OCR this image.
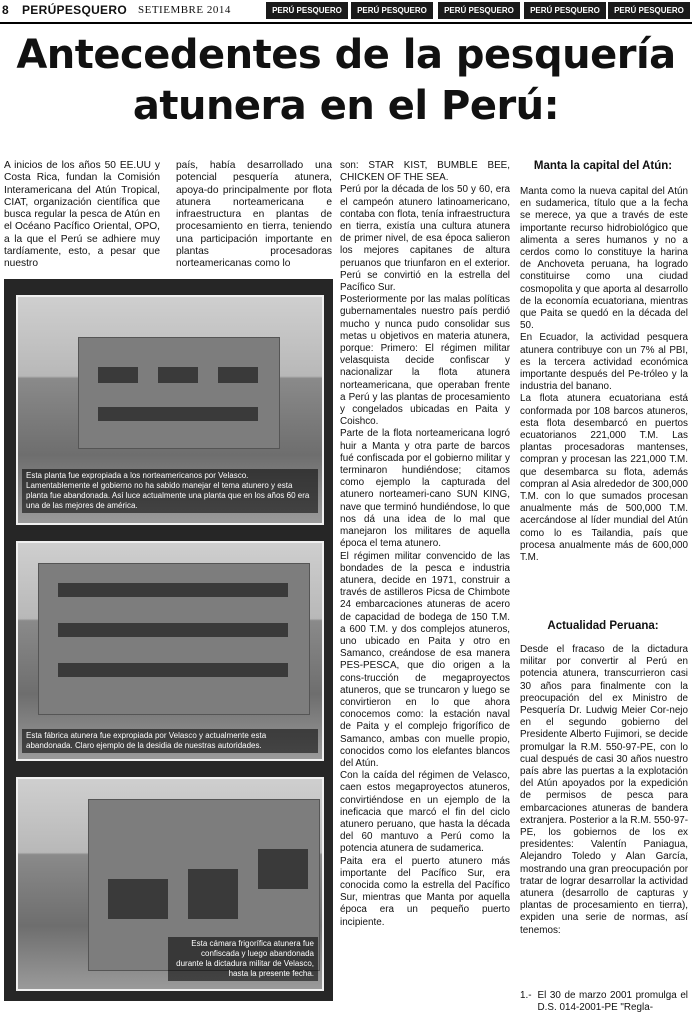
8 PERÚPESQUERO SETIEMBRE 2014	PERÚ PESQUERO	PERÚ PESQUERO	PERÚ PESQUERO	PERÚ PESQUERO	PERÚ PESQUERO
Antecedentes de la pesquería
atunera en el Perú:

A inicios de los años 50 EE.UU y Costa Rica, fundan la Comisión Interamericana del Atún Tropical, CIAT, organización científica que busca regular la pesca de Atún en el Océano Pacífico Oriental, OPO, a la que el Perú se adhiere muy tardíamente, esto, a pesar que nuestro

país, había desarrollado una potencial pesquería atunera, apoya-do principalmente por flota atunera norteamericana e infraestructura en plantas de procesamiento en tierra, teniendo una participación importante en plantas procesadoras norteamericanas como lo

son: STAR KIST, BUMBLE BEE, CHICKEN OF THE SEA.

Perú por la década de los 50 y 60, era el campeón atunero latinoamericano, contaba con flota, tenía infraestructura en tierra, existía una cultura atunera de primer nivel, de esa época salieron los mejores capitanes de altura peruanos que triunfaron en el exterior. Perú se convirtió en la estrella del Pacífico Sur.

Posteriormente por las malas políticas gubernamentales nuestro país perdió mucho y nunca pudo consolidar sus metas u objetivos en materia atunera, porque: Primero: El régimen militar velasquista decide confiscar y nacionalizar la flota atunera norteamericana, que operaban frente a Perú y las plantas de procesamiento y congelados ubicadas en Paita y Coishco.

Parte de la flota norteamericana logró huir a Manta y otra parte de barcos fué confiscada por el gobierno militar y terminaron hundiéndose; citamos como ejemplo la capturada del atunero norteameri-cano SUN KING, nave que terminó hundiéndose, lo que nos dá una idea de lo mal que manejaron los militares de aquella época el tema atunero.

El régimen militar convencido de las bondades de la pesca e industria atunera, decide en 1971, construir a través de astilleros Picsa de Chimbote 24 embarcaciones atuneras de acero de capacidad de bodega de 150 T.M. a 600 T.M. y dos complejos atuneros, uno ubicado en Paita y otro en Samanco, creándose de esa manera PES-PESCA, que dio origen a la cons-trucción de megaproyectos atuneros, que se truncaron y luego se convirtieron en lo que ahora conocemos como: la estación naval de Paita y el complejo frigorífico de Samanco, ambas con muelle propio, conocidos como los elefantes blancos del Atún.

Con la caída del régimen de Velasco, caen estos megaproyectos atuneros, convirtiéndose en un ejemplo de la ineficacia que marcó el fin del ciclo atunero peruano, que hasta la década del 60 mantuvo a Perú como la potencia atunera de sudamerica.

Paita era el puerto atunero más importante del Pacífico Sur, era conocida como la estrella del Pacífico Sur, mientras que Manta por aquella época era un pequeño puerto incipiente.

Manta la capital del Atún:

Manta como la nueva capital del Atún en sudamerica, título que a la fecha se merece, ya que a través de este importante recurso hidrobiológico que alimenta a seres humanos y no a cerdos como lo constituye la harina de Anchoveta peruana, ha logrado constituirse como una ciudad cosmopolita y que aporta al desarrollo de la economía ecuatoriana, mientras que Paita se quedó en la década del 50.

En Ecuador, la actividad pesquera atunera contribuye con un 7% al PBI, es la tercera actividad económica importante después del Pe-tróleo y la industria del banano.

La flota atunera ecuatoriana está conformada por 108 barcos atuneros, esta flota desembarcó en puertos ecuatorianos 221,000 T.M. Las plantas procesadoras mantenses, compran y procesan las 221,000 T.M. que desembarca su flota, además compran al Asia alrededor de 300,000 T.M. con lo que sumados procesan anualmente más de 500,000 T.M. acercándose al líder mundial del Atún como lo es Tailandia, país que procesa anualmente más de 600,000 T.M.

Actualidad Peruana:

Desde el fracaso de la dictadura militar por convertir al Perú en potencia atunera, transcurrieron casi 30 años para finalmente con la preocupación del ex Ministro de Pesquería Dr. Ludwig Meier Cor-nejo en el segundo gobierno del Presidente Alberto Fujimori, se decide promulgar la R.M. 550-97-PE, con lo cual después de casi 30 años nuestro país abre las puertas a la explotación del Atún apoyados por la expedición de permisos de pesca para embarcaciones atuneras de bandera extranjera. Posterior a la R.M. 550-97-PE, los gobiernos de los ex presidentes: Valentín Paniagua, Alejandro Toledo y Alan García, mostrando una gran preocupación por tratar de lograr desarrollar la actividad atunera (desarrollo de capturas y plantas de procesamiento en tierra), expiden una serie de normas, así tenemos:

1.- El 30 de marzo 2001 promulga el D.S. 014-2001-PE "Regla-

Esta planta fue expropiada a los norteamericanos por Velasco. Lamentablemente el gobierno no ha sabido manejar el tema atunero y esta planta fue abandonada. Así luce actualmente una planta que en los años 60 era una de las mejores de américa.
Esta fábrica atunera fue expropiada por Velasco y actualmente esta abandonada. Claro ejemplo de la desidia de nuestras autoridades.
Esta cámara frigorífica atunera fue confiscada y luego abandonada durante la dictadura militar de Velasco, hasta la presente fecha.
